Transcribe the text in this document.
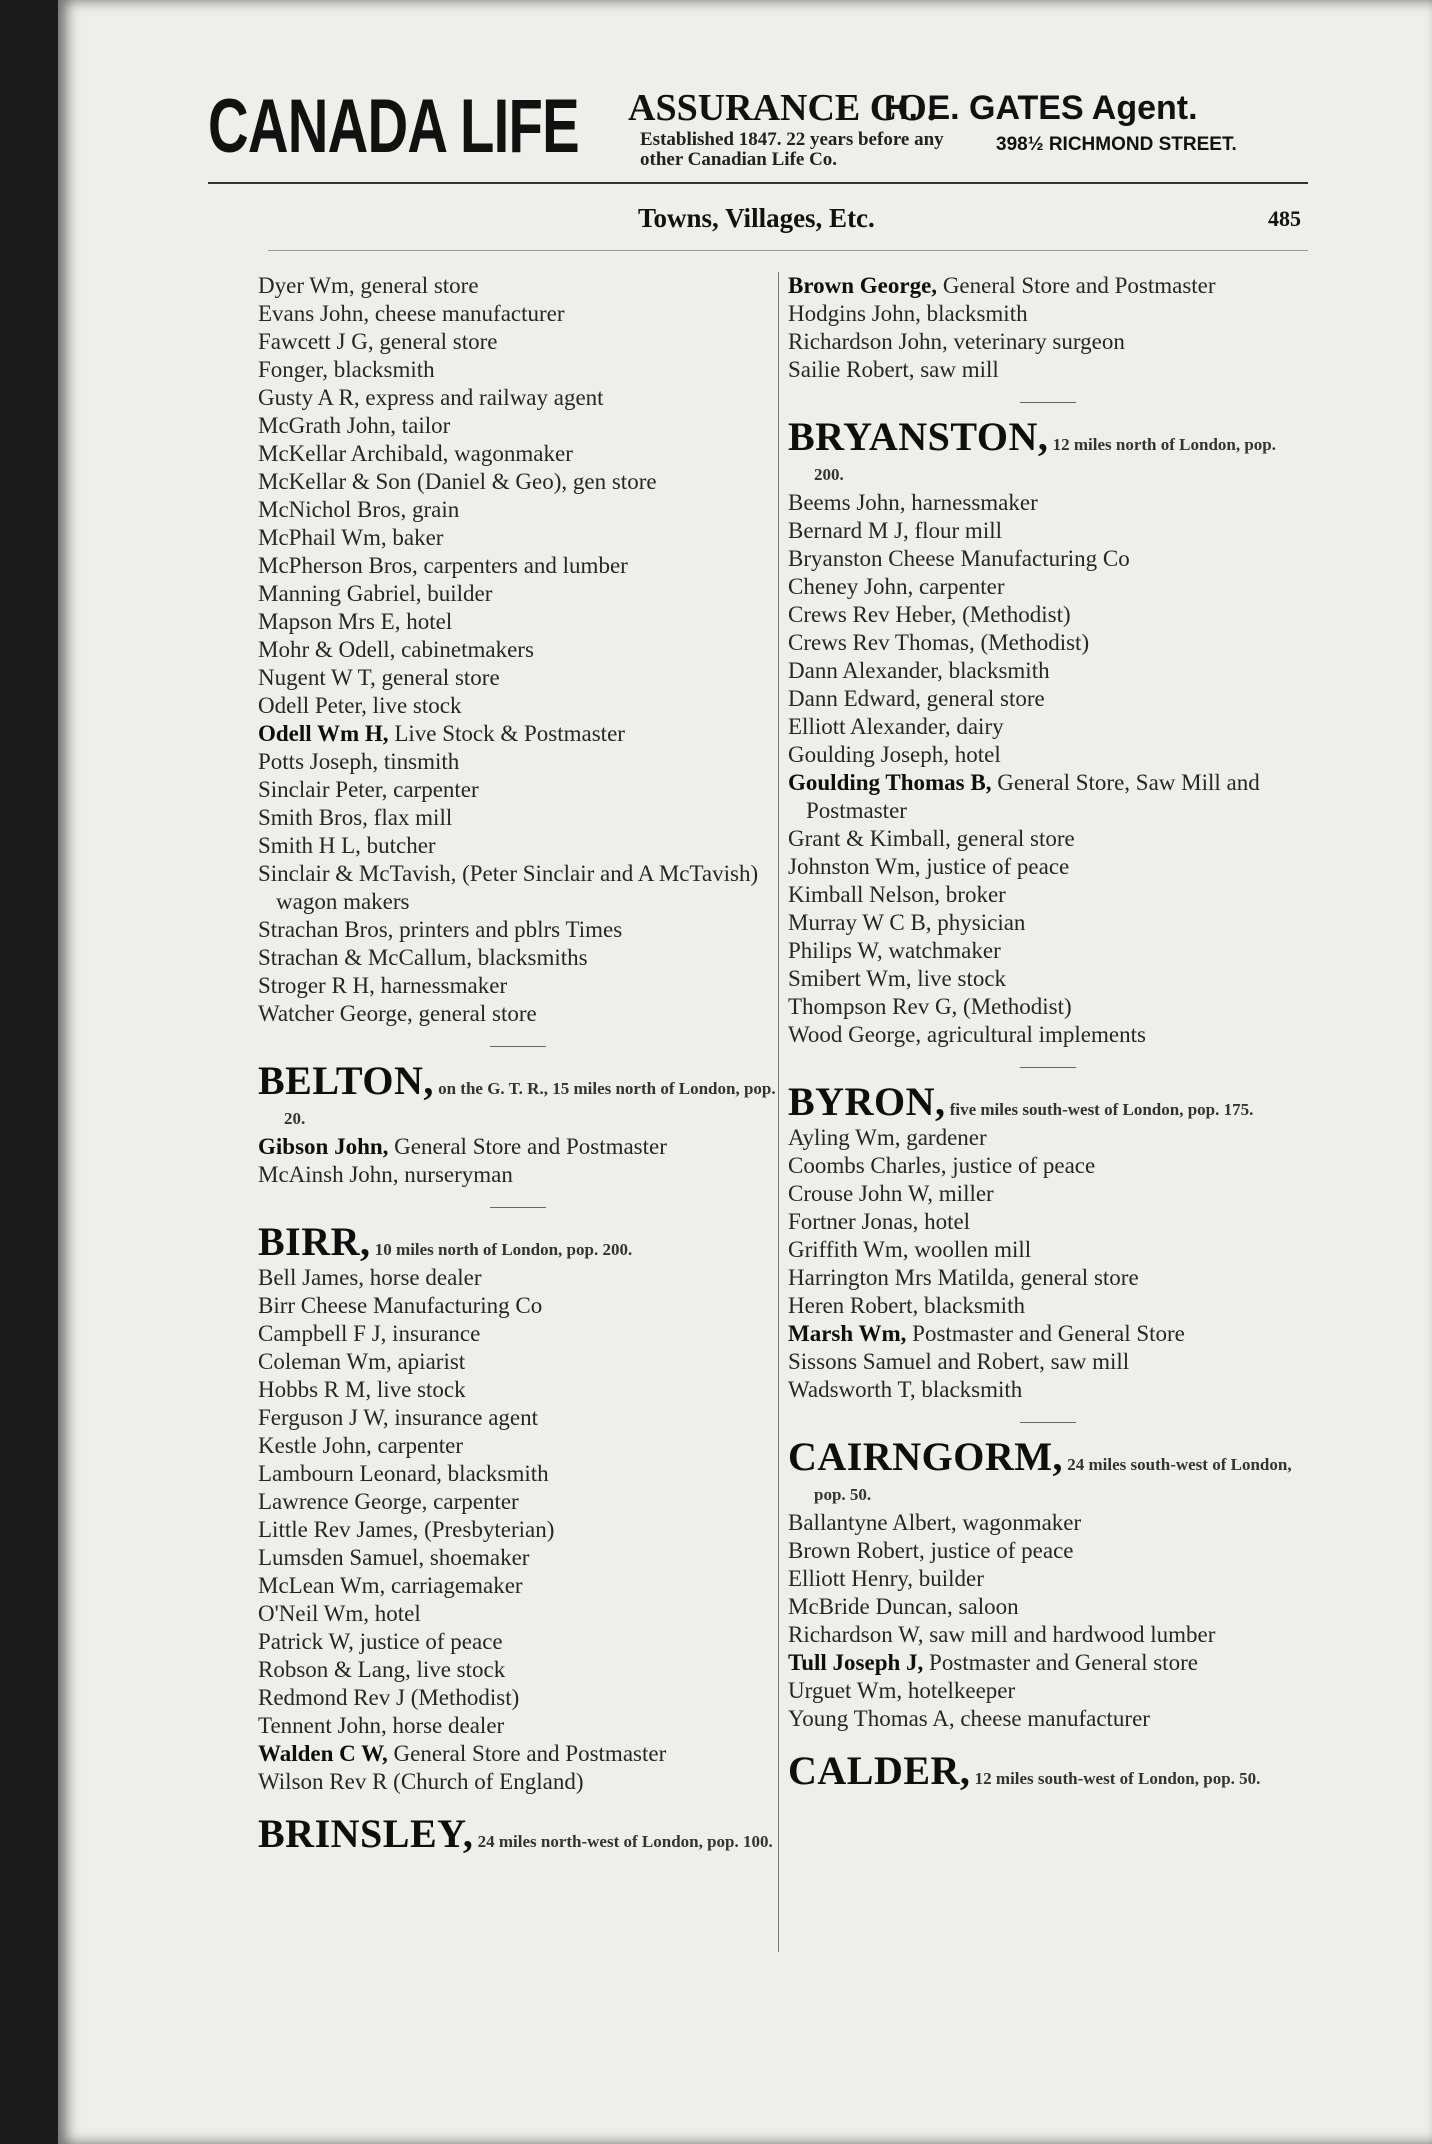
CANADA LIFE ASSURANCE CO.
Established 1847. 22 years before any other Canadian Life Co.
H. E. GATES Agent.
398½ RICHMOND STREET.
Towns, Villages, Etc.	485
Dyer Wm, general store
Evans John, cheese manufacturer
Fawcett J G, general store
Fonger, blacksmith
Gusty A R, express and railway agent
McGrath John, tailor
McKellar Archibald, wagonmaker
McKellar & Son (Daniel & Geo), gen store
McNichol Bros, grain
McPhail Wm, baker
McPherson Bros, carpenters and lumber
Manning Gabriel, builder
Mapson Mrs E, hotel
Mohr & Odell, cabinetmakers
Nugent W T, general store
Odell Peter, live stock
Odell Wm H, Live Stock & Postmaster
Potts Joseph, tinsmith
Sinclair Peter, carpenter
Smith Bros, flax mill
Smith H L, butcher
Sinclair & McTavish, (Peter Sinclair and A McTavish) wagon makers
Strachan Bros, printers and pblrs Times
Strachan & McCallum, blacksmiths
Stroger R H, harnessmaker
Watcher George, general store
BELTON, on the G. T. R., 15 miles north of London, pop. 20.
Gibson John, General Store and Postmaster
McAinsh John, nurseryman
BIRR, 10 miles north of London, pop. 200.
Bell James, horse dealer
Birr Cheese Manufacturing Co
Campbell F J, insurance
Coleman Wm, apiarist
Hobbs R M, live stock
Ferguson J W, insurance agent
Kestle John, carpenter
Lambourn Leonard, blacksmith
Lawrence George, carpenter
Little Rev James, (Presbyterian)
Lumsden Samuel, shoemaker
McLean Wm, carriagemaker
O'Neil Wm, hotel
Patrick W, justice of peace
Robson & Lang, live stock
Redmond Rev J (Methodist)
Tennent John, horse dealer
Walden C W, General Store and Postmaster
Wilson Rev R (Church of England)
BRINSLEY, 24 miles north-west of London, pop. 100.
Brown George, General Store and Postmaster
Hodgins John, blacksmith
Richardson John, veterinary surgeon
Sailie Robert, saw mill
BRYANSTON, 12 miles north of London, pop. 200.
Beems John, harnessmaker
Bernard M J, flour mill
Bryanston Cheese Manufacturing Co
Cheney John, carpenter
Crews Rev Heber, (Methodist)
Crews Rev Thomas, (Methodist)
Dann Alexander, blacksmith
Dann Edward, general store
Elliott Alexander, dairy
Goulding Joseph, hotel
Goulding Thomas B, General Store, Saw Mill and Postmaster
Grant & Kimball, general store
Johnston Wm, justice of peace
Kimball Nelson, broker
Murray W C B, physician
Philips W, watchmaker
Smibert Wm, live stock
Thompson Rev G, (Methodist)
Wood George, agricultural implements
BYRON, five miles south-west of London, pop. 175.
Ayling Wm, gardener
Coombs Charles, justice of peace
Crouse John W, miller
Fortner Jonas, hotel
Griffith Wm, woollen mill
Harrington Mrs Matilda, general store
Heren Robert, blacksmith
Marsh Wm, Postmaster and General Store
Sissons Samuel and Robert, saw mill
Wadsworth T, blacksmith
CAIRNGORM, 24 miles south-west of London, pop. 50.
Ballantyne Albert, wagonmaker
Brown Robert, justice of peace
Elliott Henry, builder
McBride Duncan, saloon
Richardson W, saw mill and hardwood lumber
Tull Joseph J, Postmaster and General store
Urguet Wm, hotelkeeper
Young Thomas A, cheese manufacturer
CALDER, 12 miles south-west of London, pop. 50.
